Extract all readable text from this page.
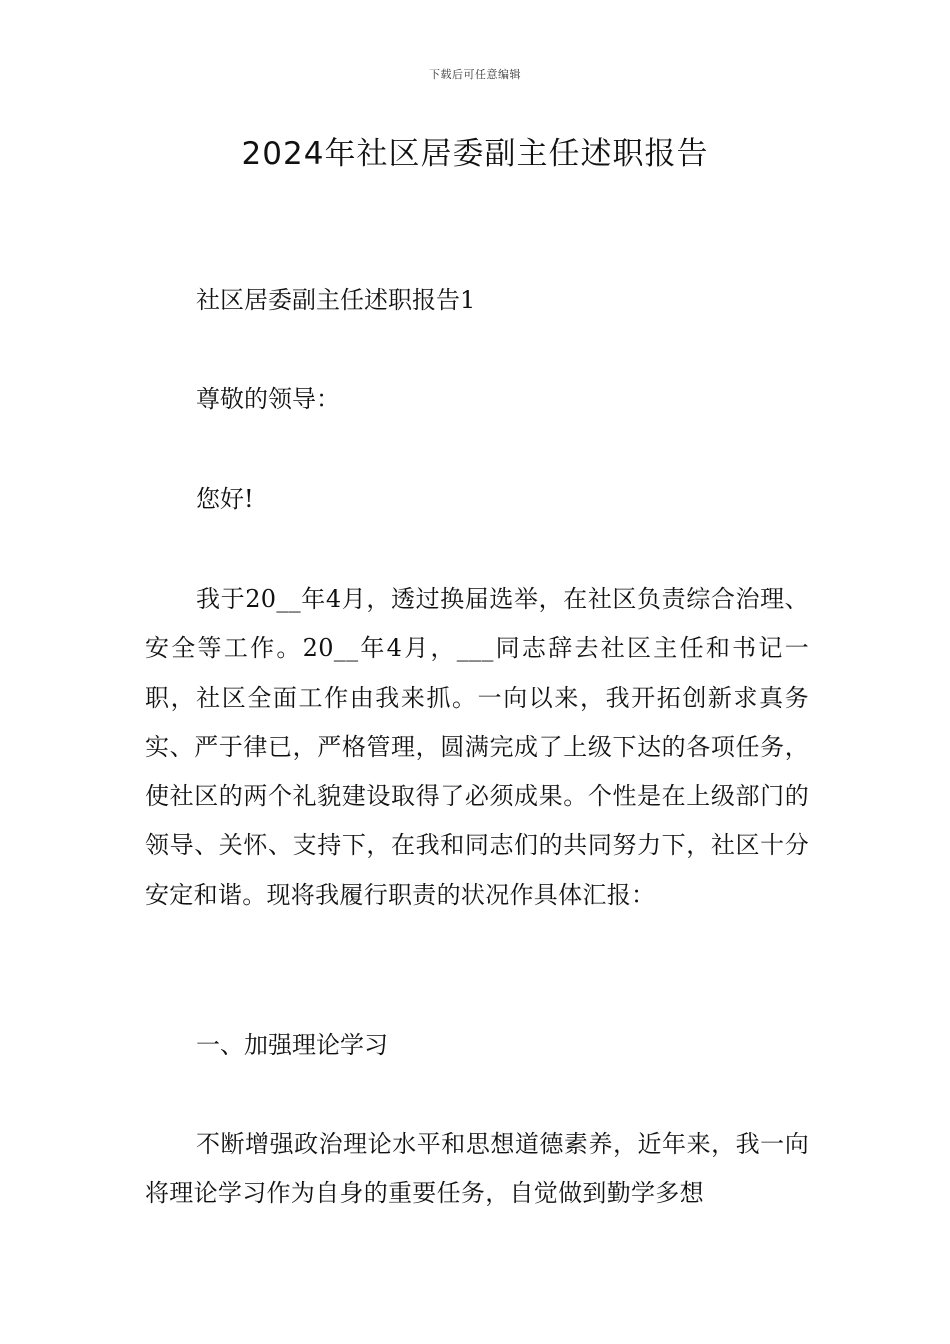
下载后可任意编辑
2024年社区居委副主任述职报告
社区居委副主任述职报告1
尊敬的领导：
您好!

我于20__年4月，透过换届选举，在社区负责综合治理、安全等工作。20__年4月，___同志辞去社区主任和书记一职，社区全面工作由我来抓。一向以来，我开拓创新求真务实、严于律已，严格管理，圆满完成了上级下达的各项任务，使社区的两个礼貌建设取得了必须成果。个性是在上级部门的领导、关怀、支持下，在我和同志们的共同努力下，社区十分安定和谐。现将我履行职责的状况作具体汇报：

一、加强理论学习

不断增强政治理论水平和思想道德素养，近年来，我一向将理论学习作为自身的重要任务，自觉做到勤学多想
